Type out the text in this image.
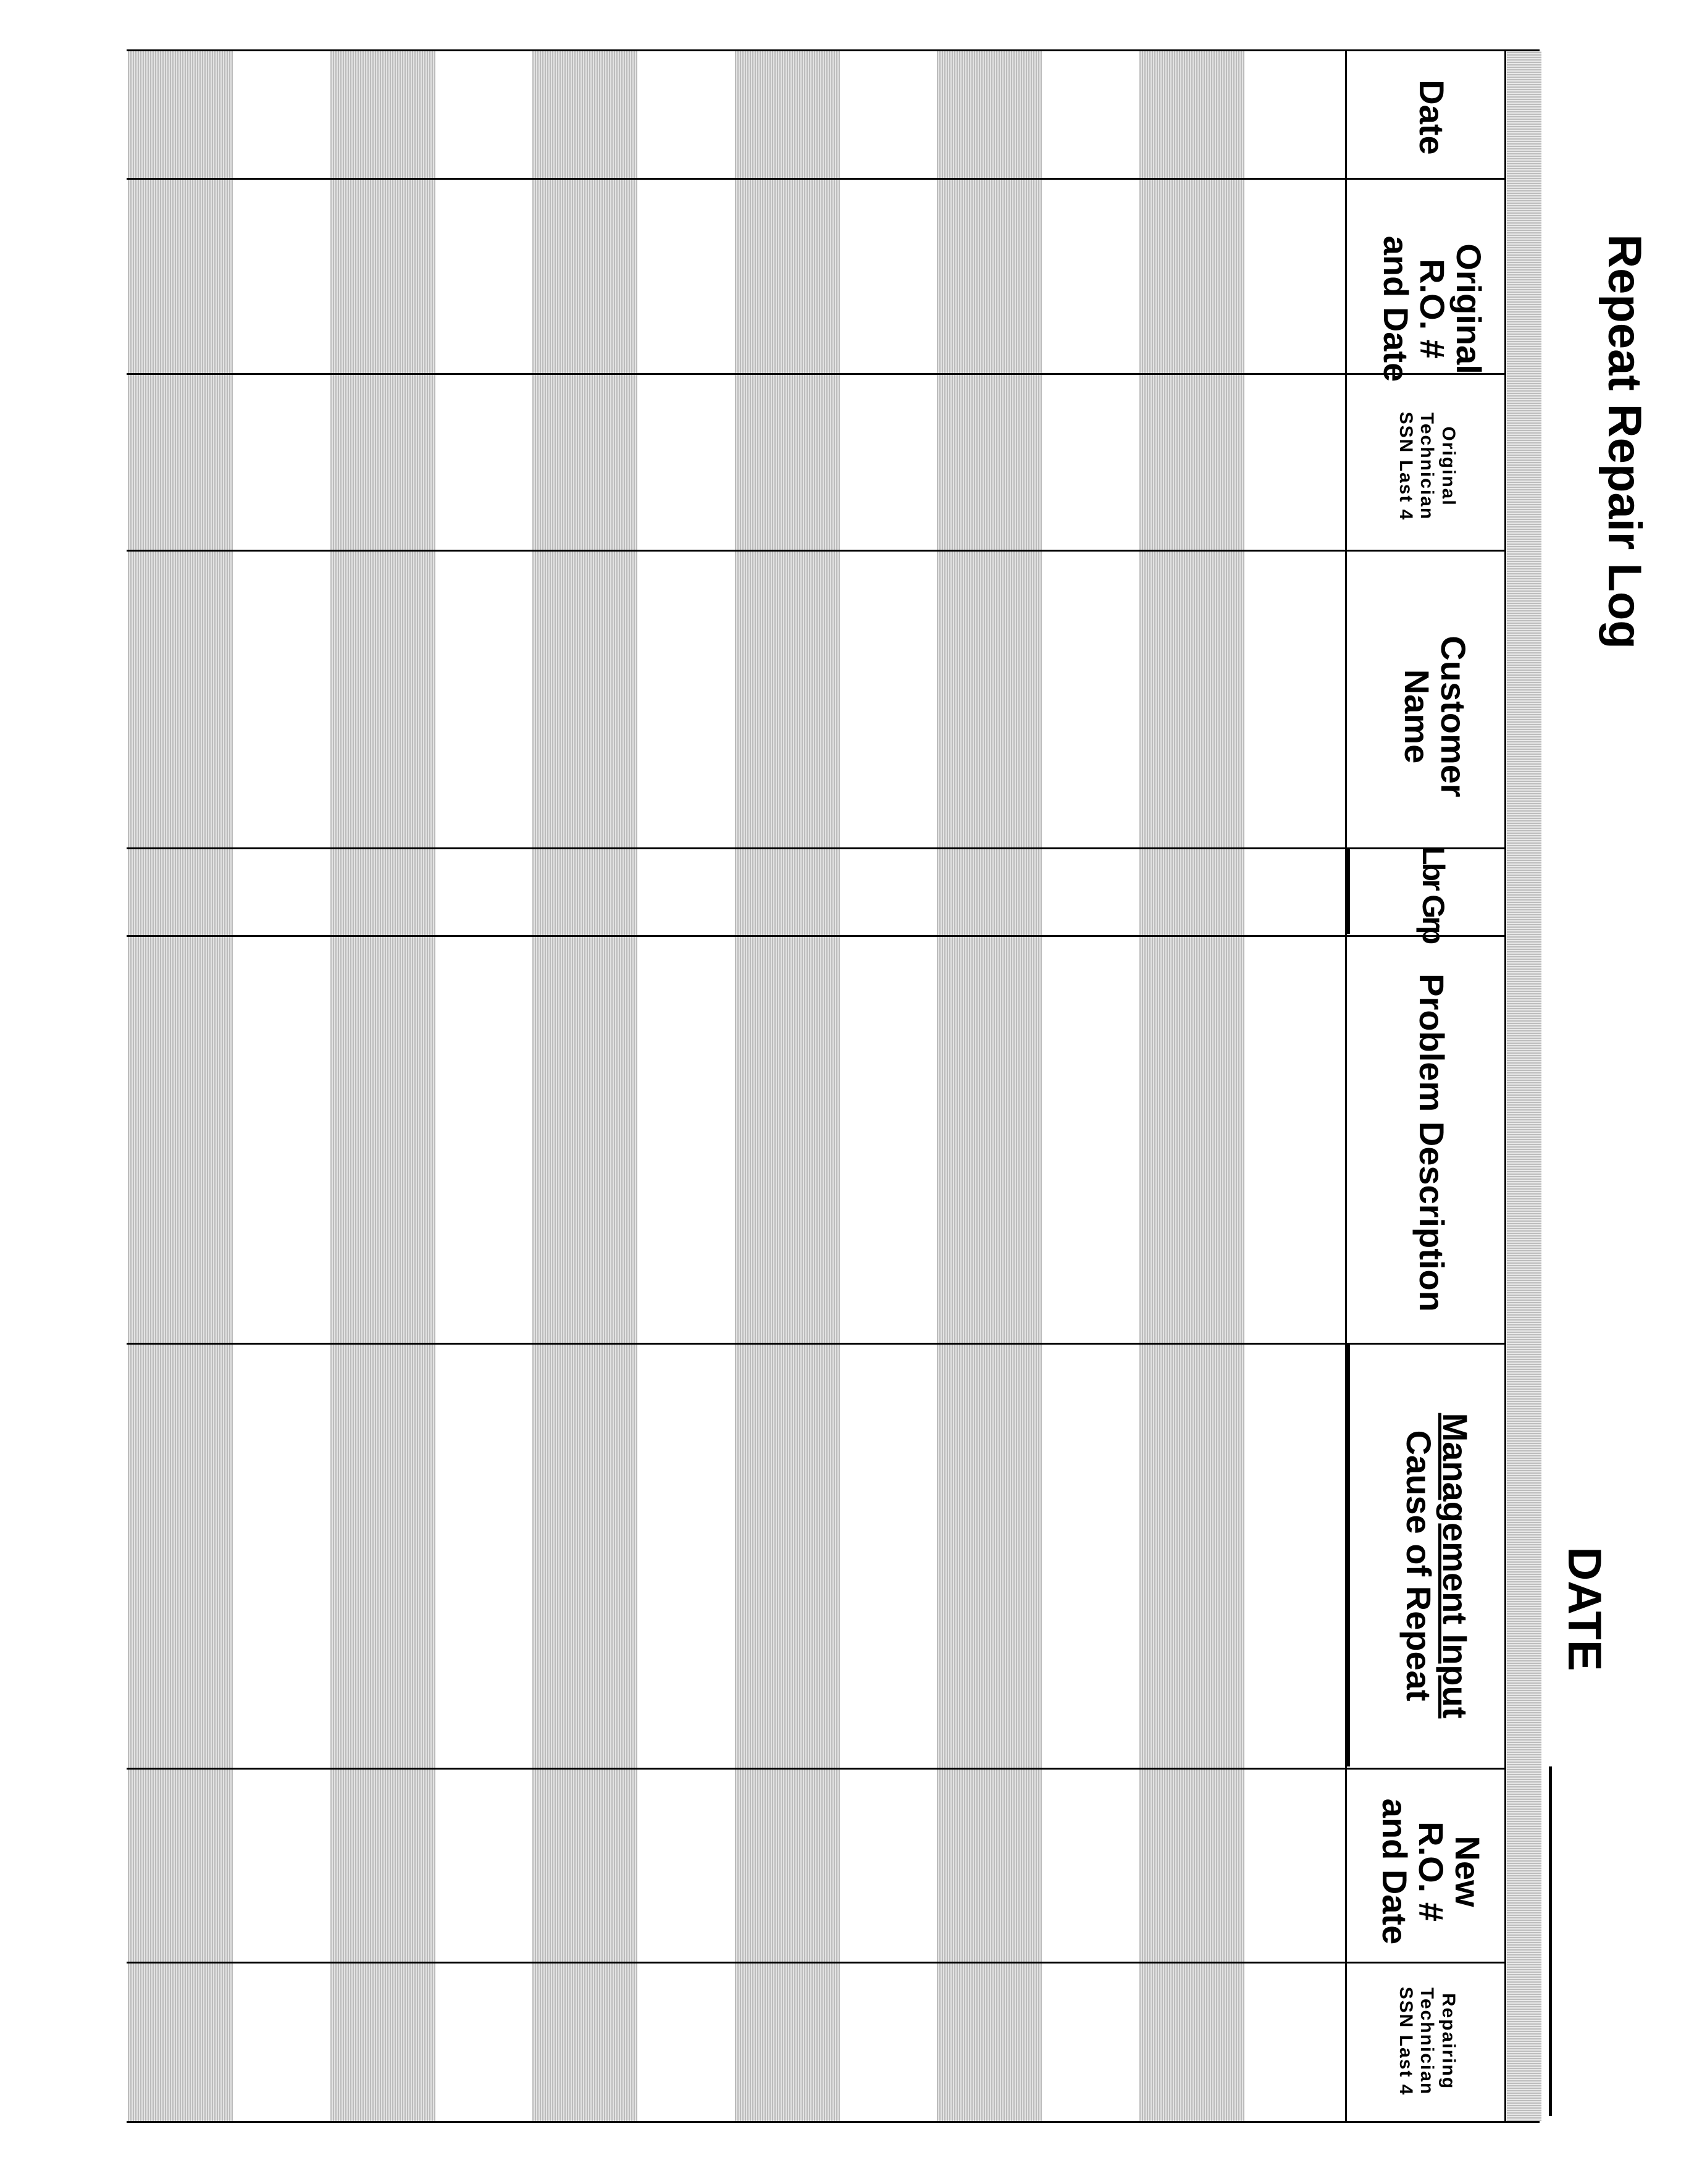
Repeat Repair Log
DATE
Date
Original
R.O. #
and Date
Original
Technician
SSN Last 4
Customer
Name
Lbr Grp
Problem Description
Management Input
Cause of Repeat
New
R.O. #
and Date
Repairing
Technician
SSN Last 4
